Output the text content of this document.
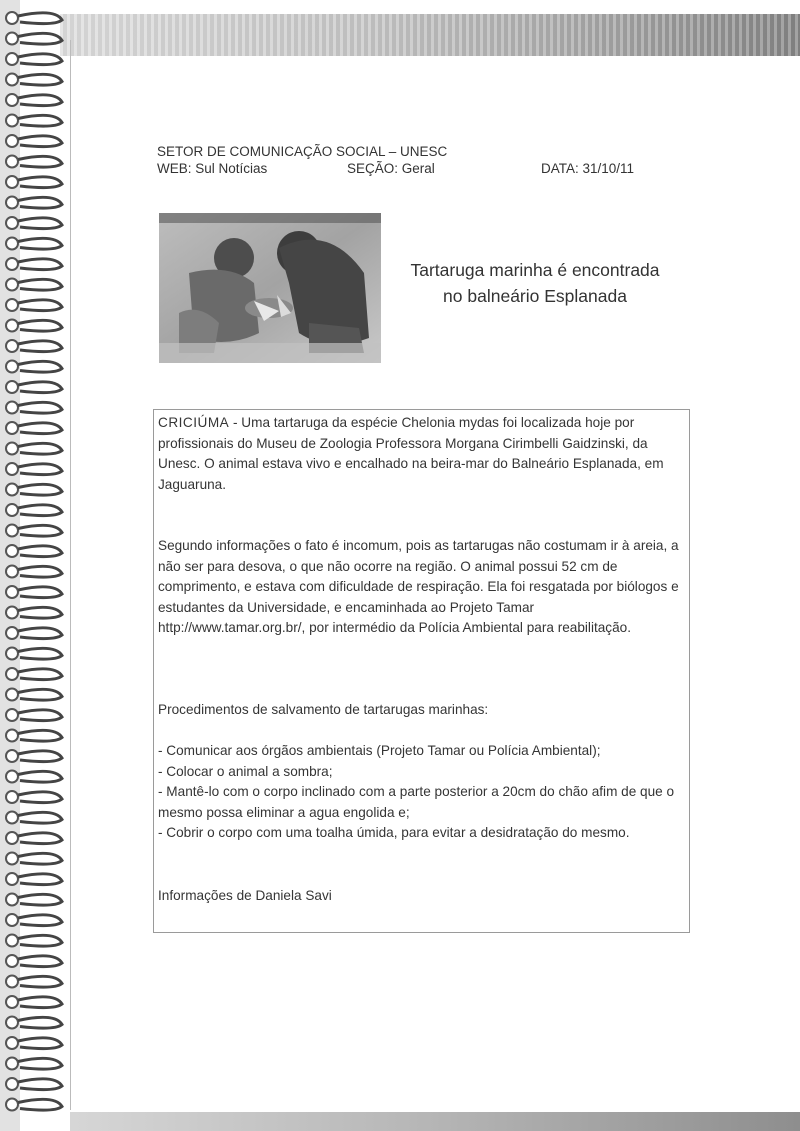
SETOR DE COMUNICAÇÃO SOCIAL – UNESC
WEB: Sul Notícias	SEÇÃO: Geral	DATA: 31/10/11
Tartaruga marinha é encontrada
no balneário Esplanada

CRICIÚMA - Uma tartaruga da espécie Chelonia mydas foi localizada hoje por profissionais do Museu de Zoologia Professora Morgana Cirimbelli Gaidzinski, da Unesc. O animal estava vivo e encalhado na beira-mar do Balneário Esplanada, em Jaguaruna.

Segundo informações o fato é incomum, pois as tartarugas não costumam ir à areia, a não ser para desova, o que não ocorre na região. O animal possui 52 cm de comprimento, e estava com dificuldade de respiração. Ela foi resgatada por biólogos e estudantes da Universidade, e encaminhada ao Projeto Tamar http://www.tamar.org.br/, por intermédio da Polícia Ambiental para reabilitação.

Procedimentos de salvamento de tartarugas marinhas:

- Comunicar aos órgãos ambientais (Projeto Tamar ou Polícia Ambiental);

- Colocar o animal a sombra;

- Mantê-lo com o corpo inclinado com a parte posterior a 20cm do chão afim de que o mesmo possa eliminar a agua engolida e;

- Cobrir o corpo com uma toalha úmida, para evitar a desidratação do mesmo.

Informações de Daniela Savi
